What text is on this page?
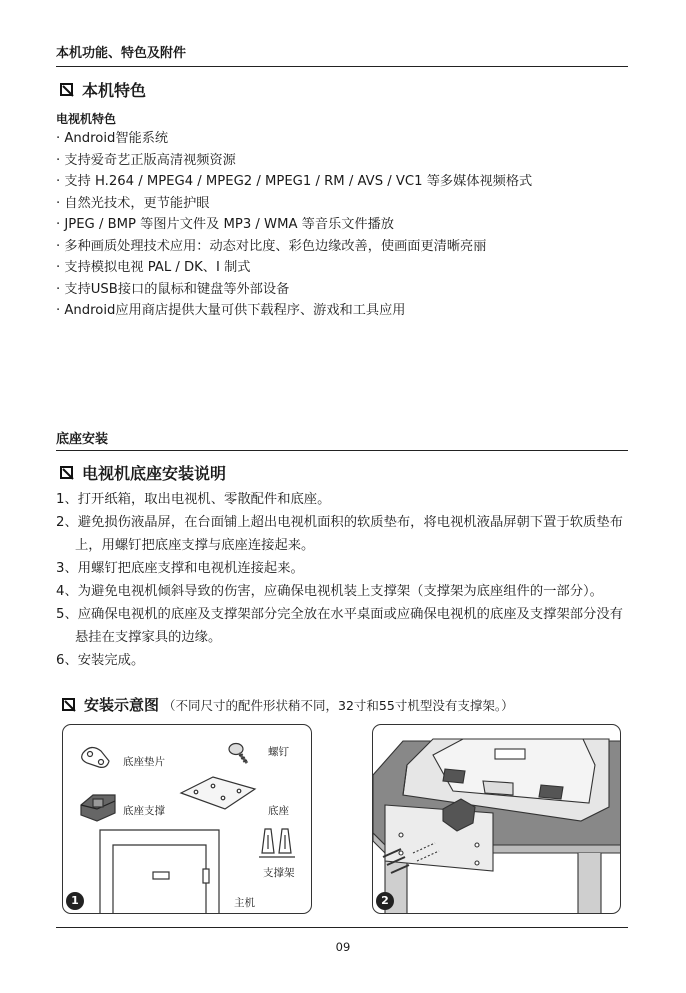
本机功能、特色及附件
本机特色
电视机特色
· Android智能系统
· 支持爱奇艺正版高清视频资源
· 支持 H.264 / MPEG4 / MPEG2 / MPEG1 / RM / AVS / VC1 等多媒体视频格式
· 自然光技术，更节能护眼
· JPEG / BMP 等图片文件及 MP3 / WMA 等音乐文件播放
· 多种画质处理技术应用：动态对比度、彩色边缘改善，使画面更清晰亮丽
· 支持模拟电视 PAL / DK、I 制式
· 支持USB接口的鼠标和键盘等外部设备
· Android应用商店提供大量可供下载程序、游戏和工具应用
底座安装
电视机底座安装说明
1、打开纸箱，取出电视机、零散配件和底座。
2、避免损伤液晶屏，在台面铺上超出电视机面积的软质垫布，将电视机液晶屏朝下置于软质垫布上，用螺钉把底座支撑与底座连接起来。
3、用螺钉把底座支撑和电视机连接起来。
4、为避免电视机倾斜导致的伤害，应确保电视机装上支撑架（支撑架为底座组件的一部分）。
5、应确保电视机的底座及支撑架部分完全放在水平桌面或应确保电视机的底座及支撑架部分没有悬挂在支撑家具的边缘。
6、安装完成。
安装示意图 （不同尺寸的配件形状稍不同，32寸和55寸机型没有支撑架。）
底座垫片
螺钉
底座支撑	底座
支撑架
主机
1	2
09
